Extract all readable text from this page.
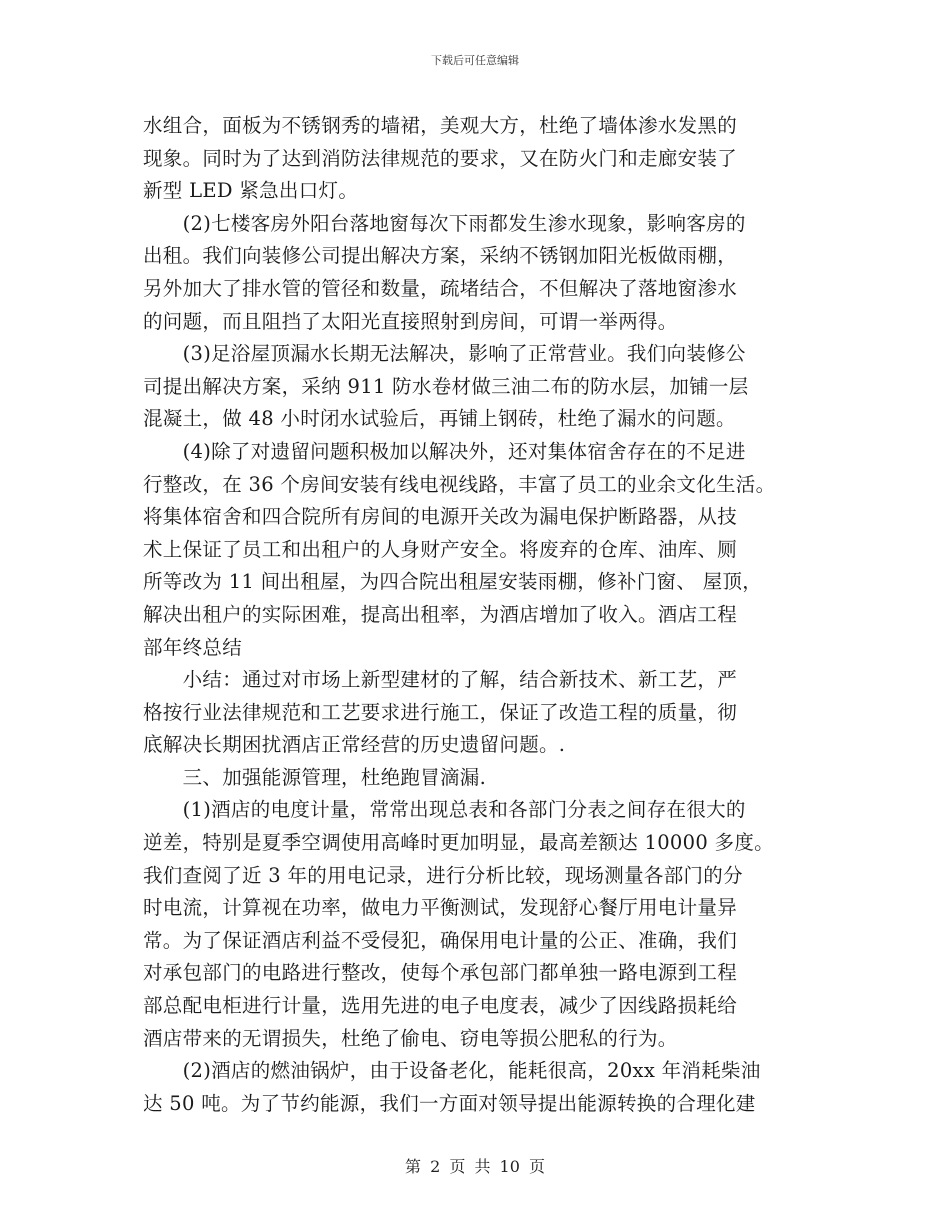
下载后可任意编辑
水组合，面板为不锈钢秀的墙裙，美观大方，杜绝了墙体渗水发黑的
现象。同时为了达到消防法律规范的要求，又在防火门和走廊安装了
新型 LED 紧急出口灯。
　　(2)七楼客房外阳台落地窗每次下雨都发生渗水现象，影响客房的
出租。我们向装修公司提出解决方案，采纳不锈钢加阳光板做雨棚，
另外加大了排水管的管径和数量，疏堵结合，不但解决了落地窗渗水
的问题，而且阻挡了太阳光直接照射到房间，可谓一举两得。
　　(3)足浴屋顶漏水长期无法解决，影响了正常营业。我们向装修公
司提出解决方案，采纳 911 防水卷材做三油二布的防水层，加铺一层
混凝土，做 48 小时闭水试验后，再铺上钢砖，杜绝了漏水的问题。
　　(4)除了对遗留问题积极加以解决外，还对集体宿舍存在的不足进
行整改，在 36 个房间安装有线电视线路，丰富了员工的业余文化生活。
将集体宿舍和四合院所有房间的电源开关改为漏电保护断路器，从技
术上保证了员工和出租户的人身财产安全。将废弃的仓库、油库、厕
所等改为 11 间出租屋，为四合院出租屋安装雨棚，修补门窗、 屋顶，
解决出租户的实际困难，提高出租率，为酒店增加了收入。酒店工程
部年终总结
　　小结：通过对市场上新型建材的了解，结合新技术、新工艺，严
格按行业法律规范和工艺要求进行施工，保证了改造工程的质量，彻
底解决长期困扰酒店正常经营的历史遗留问题。.
　　三、加强能源管理，杜绝跑冒滴漏.
　　(1)酒店的电度计量，常常出现总表和各部门分表之间存在很大的
逆差，特别是夏季空调使用高峰时更加明显，最高差额达 10000 多度。
我们查阅了近 3 年的用电记录，进行分析比较，现场测量各部门的分
时电流，计算视在功率，做电力平衡测试，发现舒心餐厅用电计量异
常。为了保证酒店利益不受侵犯，确保用电计量的公正、准确，我们
对承包部门的电路进行整改，使每个承包部门都单独一路电源到工程
部总配电柜进行计量，选用先进的电子电度表，减少了因线路损耗给
酒店带来的无谓损失，杜绝了偷电、窃电等损公肥私的行为。
　　(2)酒店的燃油锅炉，由于设备老化，能耗很高，20xx 年消耗柴油
达 50 吨。为了节约能源，我们一方面对领导提出能源转换的合理化建
第 2 页 共 10 页
